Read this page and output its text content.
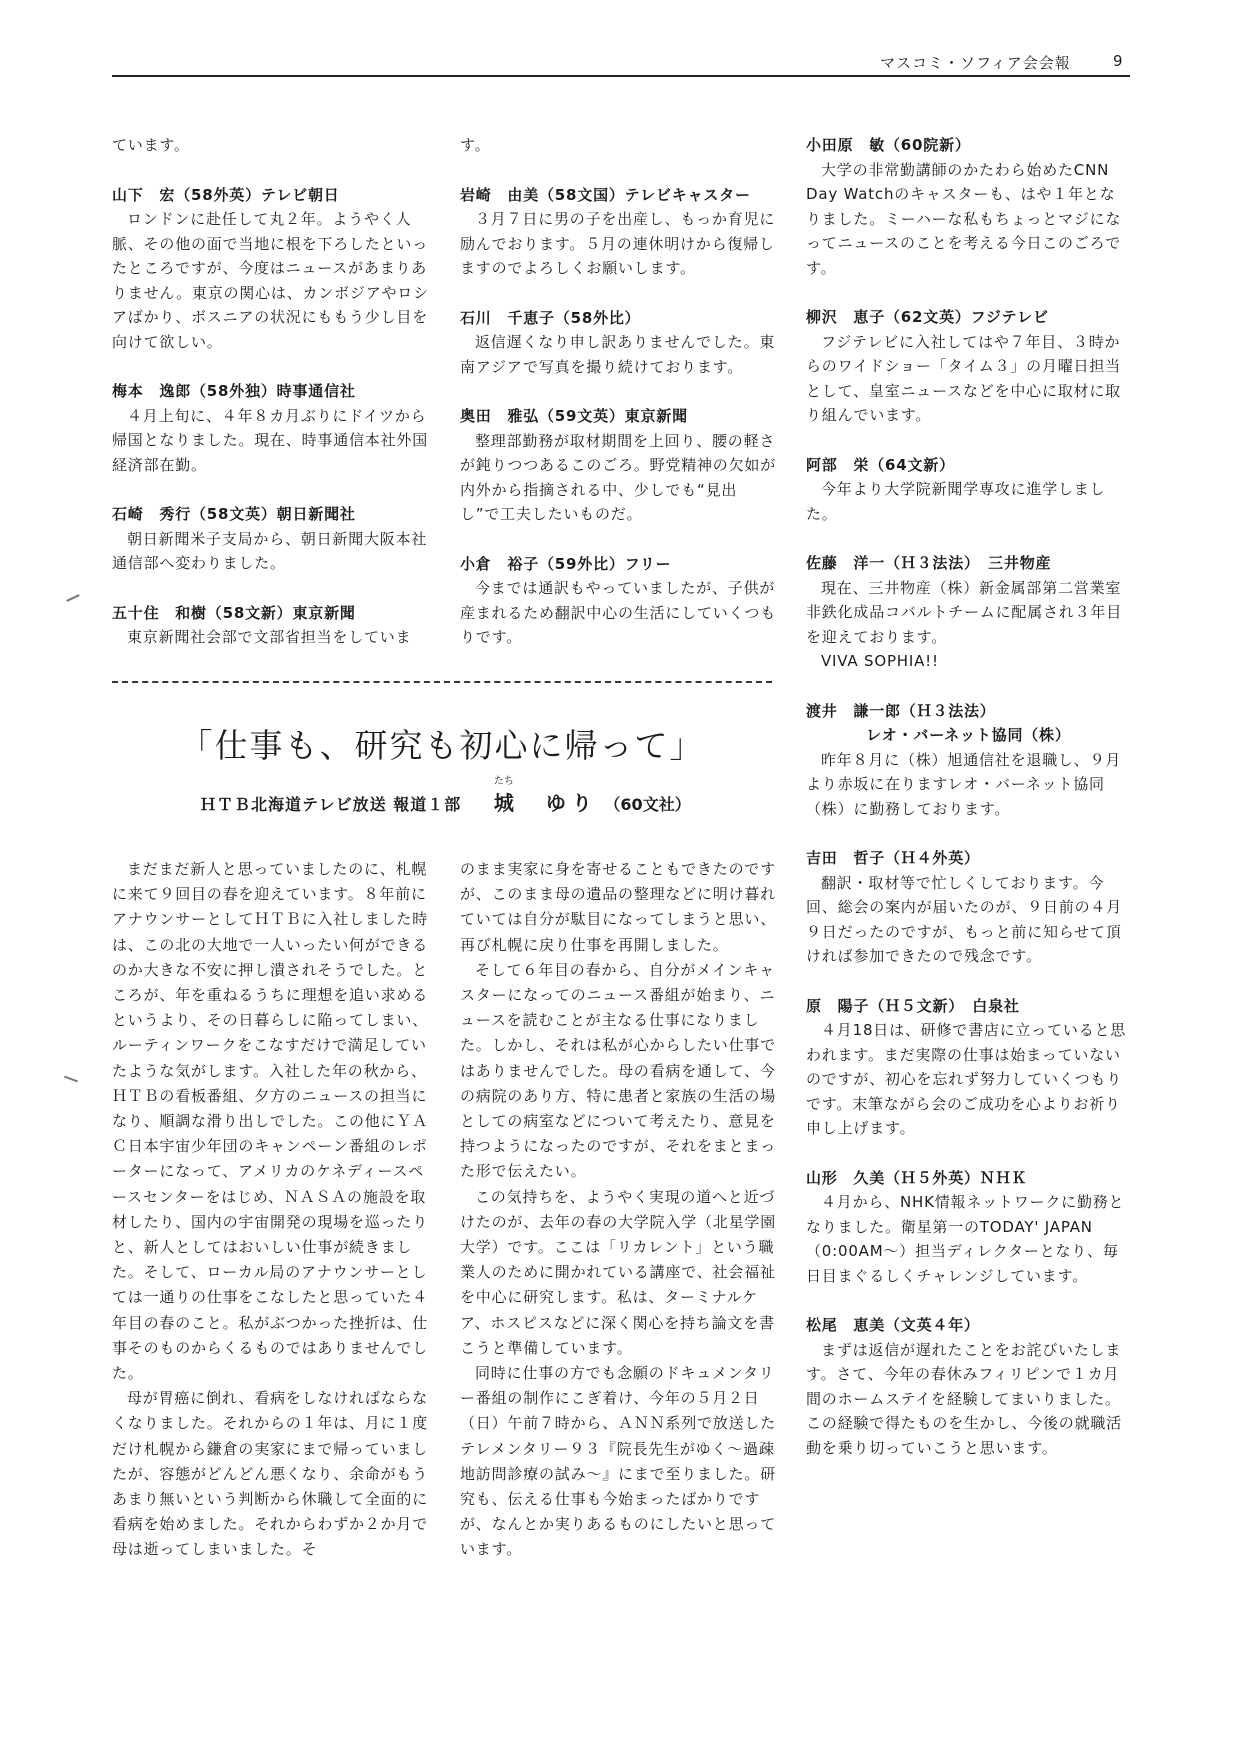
マスコミ・ソフィア会会報	9

ています。

山下　宏（58外英）テレビ朝日

ロンドンに赴任して丸２年。ようやく人脈、その他の面で当地に根を下ろしたといったところですが、今度はニュースがあまりありません。東京の関心は、カンボジアやロシアばかり、ボスニアの状況にももう少し目を向けて欲しい。

梅本　逸郎（58外独）時事通信社

４月上旬に、４年８カ月ぶりにドイツから帰国となりました。現在、時事通信本社外国経済部在勤。

石崎　秀行（58文英）朝日新聞社

朝日新聞米子支局から、朝日新聞大阪本社通信部へ変わりました。

五十住　和樹（58文新）東京新聞

東京新聞社会部で文部省担当をしていま

す。

岩崎　由美（58文国）テレビキャスター

３月７日に男の子を出産し、もっか育児に励んでおります。５月の連休明けから復帰しますのでよろしくお願いします。

石川　千恵子（58外比）

返信遅くなり申し訳ありませんでした。東南アジアで写真を撮り続けております。

奥田　雅弘（59文英）東京新聞

整理部勤務が取材期間を上回り、腰の軽さが鈍りつつあるこのごろ。野党精神の欠如が内外から指摘される中、少しでも“見出し”で工夫したいものだ。

小倉　裕子（59外比）フリー

今までは通訳もやっていましたが、子供が産まれるため翻訳中心の生活にしていくつもりです。

「仕事も、研究も初心に帰って」
ＨＴＢ北海道テレビ放送 報道１部
たち
城　ゆり （60文社）

まだまだ新人と思っていましたのに、札幌に来て９回目の春を迎えています。８年前にアナウンサーとしてＨＴＢに入社しました時は、この北の大地で一人いったい何ができるのか大きな不安に押し潰されそうでした。ところが、年を重ねるうちに理想を追い求めるというより、その日暮らしに陥ってしまい、ルーティンワークをこなすだけで満足していたような気がします。入社した年の秋から、ＨＴＢの看板番組、夕方のニュースの担当になり、順調な滑り出しでした。この他にＹＡＣ日本宇宙少年団のキャンペーン番組のレポーターになって、アメリカのケネディースペースセンターをはじめ、ＮＡＳＡの施設を取材したり、国内の宇宙開発の現場を巡ったりと、新人としてはおいしい仕事が続きました。そして、ローカル局のアナウンサーとしては一通りの仕事をこなしたと思っていた４年目の春のこと。私がぶつかった挫折は、仕事そのものからくるものではありませんでした。

母が胃癌に倒れ、看病をしなければならなくなりました。それからの１年は、月に１度だけ札幌から鎌倉の実家にまで帰っていましたが、容態がどんどん悪くなり、余命がもうあまり無いという判断から休職して全面的に看病を始めました。それからわずか２か月で母は逝ってしまいました。そ

のまま実家に身を寄せることもできたのですが、このまま母の遺品の整理などに明け暮れていては自分が駄目になってしまうと思い、再び札幌に戻り仕事を再開しました。

そして６年目の春から、自分がメインキャスターになってのニュース番組が始まり、ニュースを読むことが主なる仕事になりました。しかし、それは私が心からしたい仕事ではありませんでした。母の看病を通して、今の病院のあり方、特に患者と家族の生活の場としての病室などについて考えたり、意見を持つようになったのですが、それをまとまった形で伝えたい。

この気持ちを、ようやく実現の道へと近づけたのが、去年の春の大学院入学（北星学園大学）です。ここは「リカレント」という職業人のために開かれている講座で、社会福祉を中心に研究します。私は、ターミナルケア、ホスピスなどに深く関心を持ち論文を書こうと準備しています。

同時に仕事の方でも念願のドキュメンタリー番組の制作にこぎ着け、今年の５月２日（日）午前７時から、ＡＮＮ系列で放送したテレメンタリー９３『院長先生がゆく～過疎地訪問診療の試み～』にまで至りました。研究も、伝える仕事も今始まったばかりですが、なんとか実りあるものにしたいと思っています。

小田原　敏（60院新）

大学の非常勤講師のかたわら始めたCNN Day Watchのキャスターも、はや１年となりました。ミーハーな私もちょっとマジになってニュースのことを考える今日このごろです。

柳沢　恵子（62文英）フジテレビ

フジテレビに入社してはや７年目、３時からのワイドショー「タイム３」の月曜日担当として、皇室ニュースなどを中心に取材に取り組んでいます。

阿部　栄（64文新）

今年より大学院新聞学専攻に進学しました。

佐藤　洋一（Ｈ３法法）　三井物産

現在、三井物産（株）新金属部第二営業室非鉄化成品コバルトチームに配属され３年目を迎えております。

VIVA SOPHIA!!

渡井　謙一郎（Ｈ３法法）

レオ・バーネット協同（株）

昨年８月に（株）旭通信社を退職し、９月より赤坂に在りますレオ・バーネット協同（株）に勤務しております。

吉田　哲子（Ｈ４外英）

翻訳・取材等で忙しくしております。今回、総会の案内が届いたのが、９日前の４月９日だったのですが、もっと前に知らせて頂ければ参加できたので残念です。

原　陽子（Ｈ５文新）　白泉社

４月18日は、研修で書店に立っていると思われます。まだ実際の仕事は始まっていないのですが、初心を忘れず努力していくつもりです。末筆ながら会のご成功を心よりお祈り申し上げます。

山形　久美（Ｈ５外英）ＮＨＫ

４月から、NHK情報ネットワークに勤務となりました。衛星第一のTODAY' JAPAN（0:00AM～）担当ディレクターとなり、毎日目まぐるしくチャレンジしています。

松尾　恵美（文英４年）

まずは返信が遅れたことをお詫びいたします。さて、今年の春休みフィリピンで１カ月間のホームステイを経験してまいりました。この経験で得たものを生かし、今後の就職活動を乗り切っていこうと思います。
